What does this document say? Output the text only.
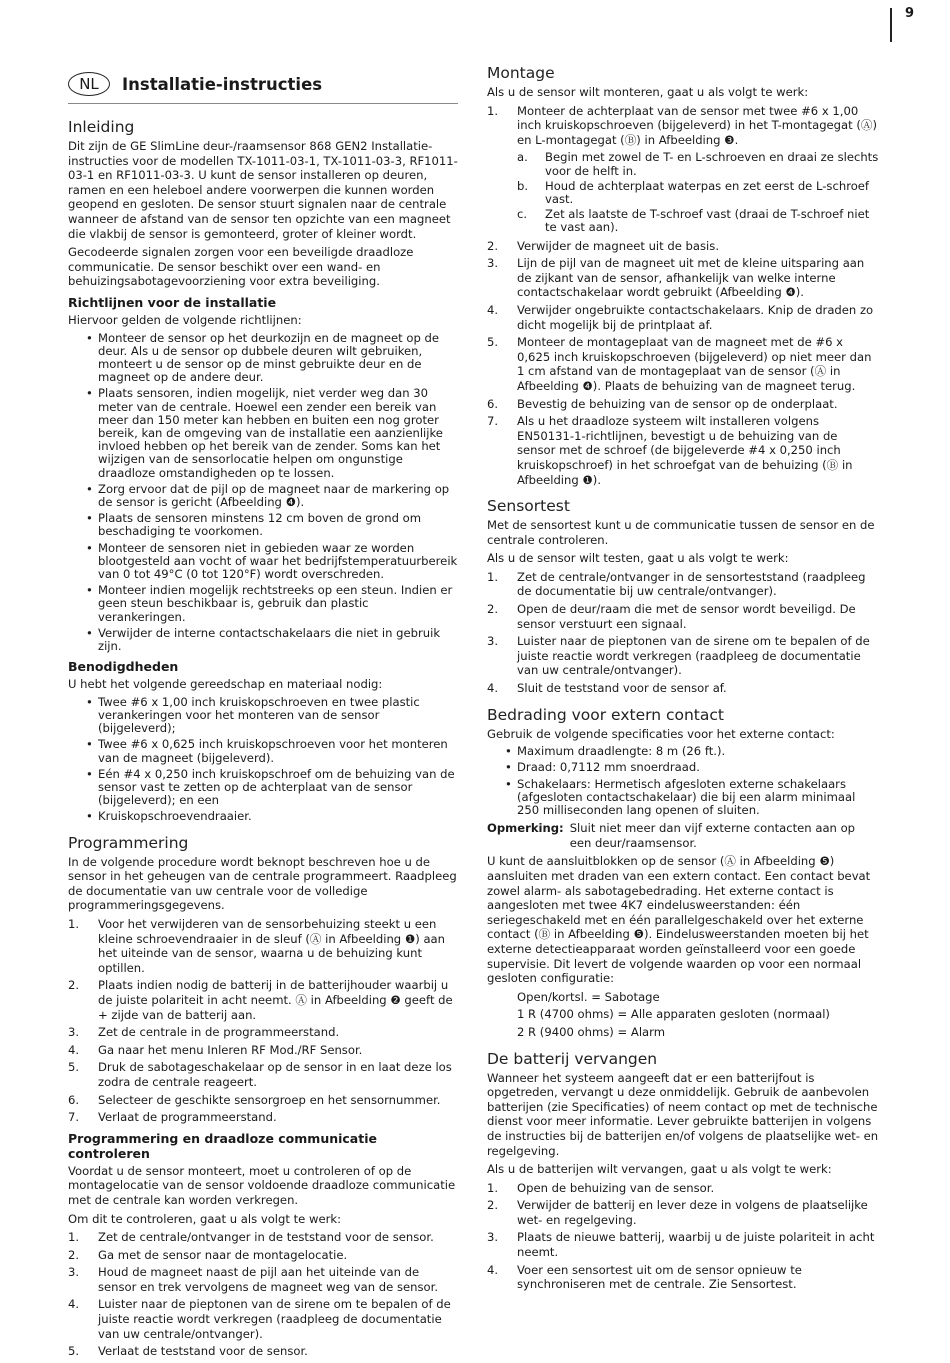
9
NL	Installatie-instructies
Inleiding

Dit zijn de GE SlimLine deur-/raamsensor 868 GEN2 Installatie-instructies voor de modellen TX-1011-03-1, TX-1011-03-3, RF1011-03-1 en RF1011-03-3. U kunt de sensor installeren op deuren, ramen en een heleboel andere voorwerpen die kunnen worden geopend en gesloten. De sensor stuurt signalen naar de centrale wanneer de afstand van de sensor ten opzichte van een magneet die vlakbij de sensor is gemonteerd, groter of kleiner wordt.

Gecodeerde signalen zorgen voor een beveiligde draadloze communicatie. De sensor beschikt over een wand- en behuizingsabotagevoorziening voor extra beveiliging.

Richtlijnen voor de installatie

Hiervoor gelden de volgende richtlijnen:

• Monteer de sensor op het deurkozijn en de magneet op de deur. Als u de sensor op dubbele deuren wilt gebruiken, monteert u de sensor op de minst gebruikte deur en de magneet op de andere deur.
• Plaats sensoren, indien mogelijk, niet verder weg dan 30 meter van de centrale. Hoewel een zender een bereik van meer dan 150 meter kan hebben en buiten een nog groter bereik, kan de omgeving van de installatie een aanzienlijke invloed hebben op het bereik van de zender. Soms kan het wijzigen van de sensorlocatie helpen om ongunstige draadloze omstandigheden op te lossen.
• Zorg ervoor dat de pijl op de magneet naar de markering op de sensor is gericht (Afbeelding ❹).
• Plaats de sensoren minstens 12 cm boven de grond om beschadiging te voorkomen.
• Monteer de sensoren niet in gebieden waar ze worden blootgesteld aan vocht of waar het bedrijfstemperatuurbereik van 0 tot 49°C (0 tot 120°F) wordt overschreden.
• Monteer indien mogelijk rechtstreeks op een steun. Indien er geen steun beschikbaar is, gebruik dan plastic verankeringen.
• Verwijder de interne contactschakelaars die niet in gebruik zijn.
Benodigdheden

U hebt het volgende gereedschap en materiaal nodig:

• Twee #6 x 1,00 inch kruiskopschroeven en twee plastic verankeringen voor het monteren van de sensor (bijgeleverd);
• Twee #6 x 0,625 inch kruiskopschroeven voor het monteren van de magneet (bijgeleverd).
• Eén #4 x 0,250 inch kruiskopschroef om de behuizing van de sensor vast te zetten op de achterplaat van de sensor (bijgeleverd); en een
• Kruiskopschroevendraaier.
Programmering

In de volgende procedure wordt beknopt beschreven hoe u de sensor in het geheugen van de centrale programmeert. Raadpleeg de documentatie van uw centrale voor de volledige programmeringsgegevens.

1.	Voor het verwijderen van de sensorbehuizing steekt u een kleine schroevendraaier in de sleuf (Ⓐ in Afbeelding ❶) aan het uiteinde van de sensor, waarna u de behuizing kunt optillen.
2.	Plaats indien nodig de batterij in de batterijhouder waarbij u de juiste polariteit in acht neemt. Ⓐ in Afbeelding ❷ geeft de + zijde van de batterij aan.
3.	Zet de centrale in de programmeerstand.
4.	Ga naar het menu Inleren RF Mod./RF Sensor.
5.	Druk de sabotageschakelaar op de sensor in en laat deze los zodra de centrale reageert.
6.	Selecteer de geschikte sensorgroep en het sensornummer.
7.	Verlaat de programmeerstand.
Programmering en draadloze communicatie controleren

Voordat u de sensor monteert, moet u controleren of op de montagelocatie van de sensor voldoende draadloze communicatie met de centrale kan worden verkregen.

Om dit te controleren, gaat u als volgt te werk:

1.	Zet de centrale/ontvanger in de teststand voor de sensor.
2.	Ga met de sensor naar de montagelocatie.
3.	Houd de magneet naast de pijl aan het uiteinde van de sensor en trek vervolgens de magneet weg van de sensor.
4.	Luister naar de pieptonen van de sirene om te bepalen of de juiste reactie wordt verkregen (raadpleeg de documentatie van uw centrale/ontvanger).
5.	Verlaat de teststand voor de sensor.
Montage

Als u de sensor wilt monteren, gaat u als volgt te werk:

1.	Monteer de achterplaat van de sensor met twee #6 x 1,00 inch kruiskopschroeven (bijgeleverd) in het T-montagegat (Ⓐ) en L-montagegat (Ⓑ) in Afbeelding ❸.
a.	Begin met zowel de T- en L-schroeven en draai ze slechts voor de helft in.
b.	Houd de achterplaat waterpas en zet eerst de L-schroef vast.
c.	Zet als laatste de T-schroef vast (draai de T-schroef niet te vast aan).
2.	Verwijder de magneet uit de basis.
3.	Lijn de pijl van de magneet uit met de kleine uitsparing aan de zijkant van de sensor, afhankelijk van welke interne contactschakelaar wordt gebruikt (Afbeelding ❹).
4.	Verwijder ongebruikte contactschakelaars. Knip de draden zo dicht mogelijk bij de printplaat af.
5.	Monteer de montageplaat van de magneet met de #6 x 0,625 inch kruiskopschroeven (bijgeleverd) op niet meer dan 1 cm afstand van de montageplaat van de sensor (Ⓐ in Afbeelding ❹). Plaats de behuizing van de magneet terug.
6.	Bevestig de behuizing van de sensor op de onderplaat.
7.	Als u het draadloze systeem wilt installeren volgens EN50131-1-richtlijnen, bevestigt u de behuizing van de sensor met de schroef (de bijgeleverde #4 x 0,250 inch kruiskopschroef) in het schroefgat van de behuizing (Ⓑ in Afbeelding ❶).
Sensortest

Met de sensortest kunt u de communicatie tussen de sensor en de centrale controleren.

Als u de sensor wilt testen, gaat u als volgt te werk:

1.	Zet de centrale/ontvanger in de sensorteststand (raadpleeg de documentatie bij uw centrale/ontvanger).
2.	Open de deur/raam die met de sensor wordt beveiligd. De sensor verstuurt een signaal.
3.	Luister naar de pieptonen van de sirene om te bepalen of de juiste reactie wordt verkregen (raadpleeg de documentatie van uw centrale/ontvanger).
4.	Sluit de teststand voor de sensor af.
Bedrading voor extern contact

Gebruik de volgende specificaties voor het externe contact:

• Maximum draadlengte: 8 m (26 ft.).
• Draad: 0,7112 mm snoerdraad.
• Schakelaars: Hermetisch afgesloten externe schakelaars (afgesloten contactschakelaar) die bij een alarm minimaal 250 milliseconden lang openen of sluiten.
Opmerking: Sluit niet meer dan vijf externe contacten aan op een deur/raamsensor.

U kunt de aansluitblokken op de sensor (Ⓐ in Afbeelding ❺) aansluiten met draden van een extern contact. Een contact bevat zowel alarm- als sabotagebedrading. Het externe contact is aangesloten met twee 4K7 eindelusweerstanden: één seriegeschakeld met en één parallelgeschakeld over het externe contact (Ⓑ in Afbeelding ❺). Eindelusweerstanden moeten bij het externe detectieapparaat worden geïnstalleerd voor een goede supervisie. Dit levert de volgende waarden op voor een normaal gesloten configuratie:

Open/kortsl. = Sabotage

1 R (4700 ohms) = Alle apparaten gesloten (normaal)

2 R (9400 ohms) = Alarm

De batterij vervangen

Wanneer het systeem aangeeft dat er een batterijfout is opgetreden, vervangt u deze onmiddelijk. Gebruik de aanbevolen batterijen (zie Specificaties) of neem contact op met de technische dienst voor meer informatie. Lever gebruikte batterijen in volgens de instructies bij de batterijen en/of volgens de plaatselijke wet- en regelgeving.

Als u de batterijen wilt vervangen, gaat u als volgt te werk:

1.	Open de behuizing van de sensor.
2.	Verwijder de batterij en lever deze in volgens de plaatselijke wet- en regelgeving.
3.	Plaats de nieuwe batterij, waarbij u de juiste polariteit in acht neemt.
4.	Voer een sensortest uit om de sensor opnieuw te synchroniseren met de centrale. Zie Sensortest.
